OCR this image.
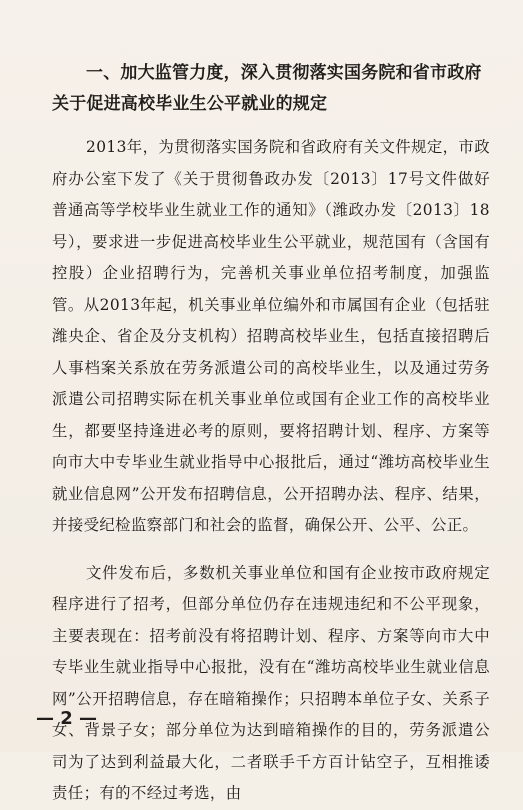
一、加大监管力度，深入贯彻落实国务院和省市政府关于促进高校毕业生公平就业的规定

2013年，为贯彻落实国务院和省政府有关文件规定，市政府办公室下发了《关于贯彻鲁政办发〔2013〕17号文件做好普通高等学校毕业生就业工作的通知》（潍政办发〔2013〕18号），要求进一步促进高校毕业生公平就业，规范国有（含国有控股）企业招聘行为，完善机关事业单位招考制度，加强监管。从2013年起，机关事业单位编外和市属国有企业（包括驻潍央企、省企及分支机构）招聘高校毕业生，包括直接招聘后人事档案关系放在劳务派遣公司的高校毕业生，以及通过劳务派遣公司招聘实际在机关事业单位或国有企业工作的高校毕业生，都要坚持逢进必考的原则，要将招聘计划、程序、方案等向市大中专毕业生就业指导中心报批后，通过“潍坊高校毕业生就业信息网”公开发布招聘信息，公开招聘办法、程序、结果，并接受纪检监察部门和社会的监督，确保公开、公平、公正。

文件发布后，多数机关事业单位和国有企业按市政府规定程序进行了招考，但部分单位仍存在违规违纪和不公平现象，主要表现在：招考前没有将招聘计划、程序、方案等向市大中专毕业生就业指导中心报批，没有在“潍坊高校毕业生就业信息网”公开招聘信息，存在暗箱操作；只招聘本单位子女、关系子女、背景子女；部分单位为达到暗箱操作的目的，劳务派遣公司为了达到利益最大化，二者联手千方百计钻空子，互相推诿责任；有的不经过考选，由

— 2 —
